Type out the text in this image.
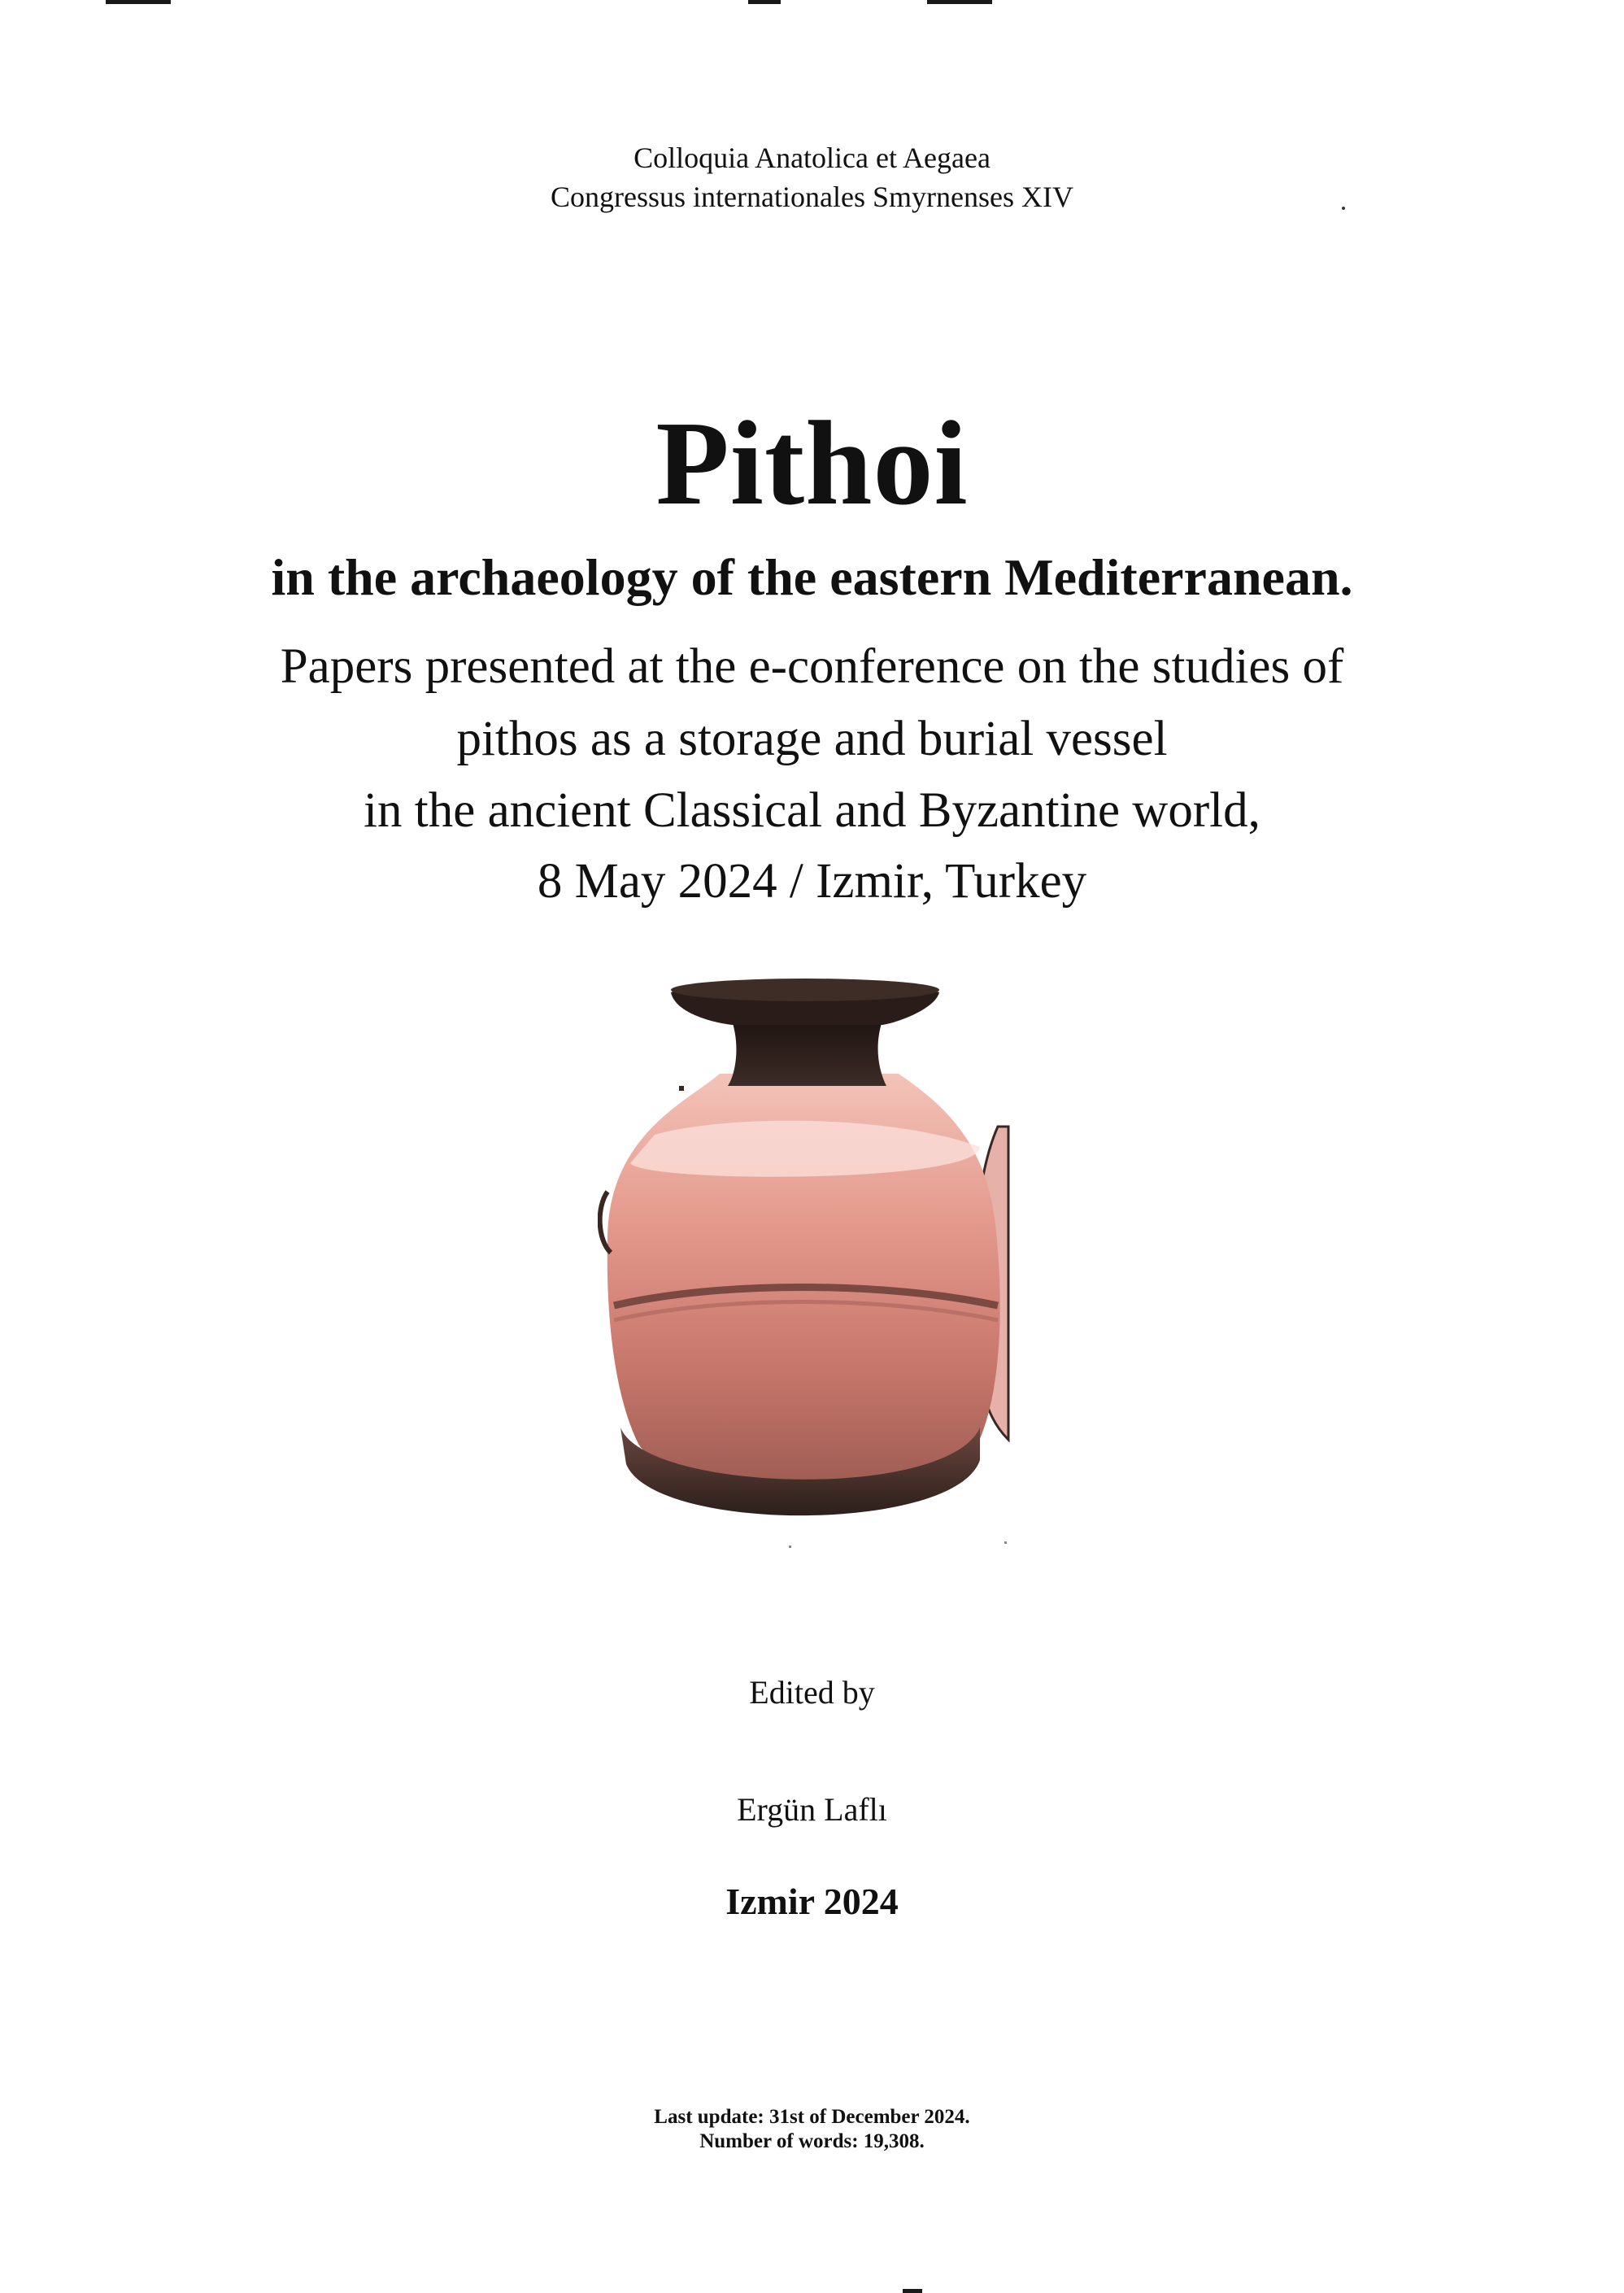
Colloquia Anatolica et Aegaea
Congressus internationales Smyrnenses XIV
Pithoi
in the archaeology of the eastern Mediterranean.
Papers presented at the e-conference on the studies of
pithos as a storage and burial vessel
in the ancient Classical and Byzantine world,
8 May 2024 / Izmir, Turkey
Edited by
Ergün Laflı
Izmir 2024
Last update: 31st of December 2024.
Number of words: 19,308.
